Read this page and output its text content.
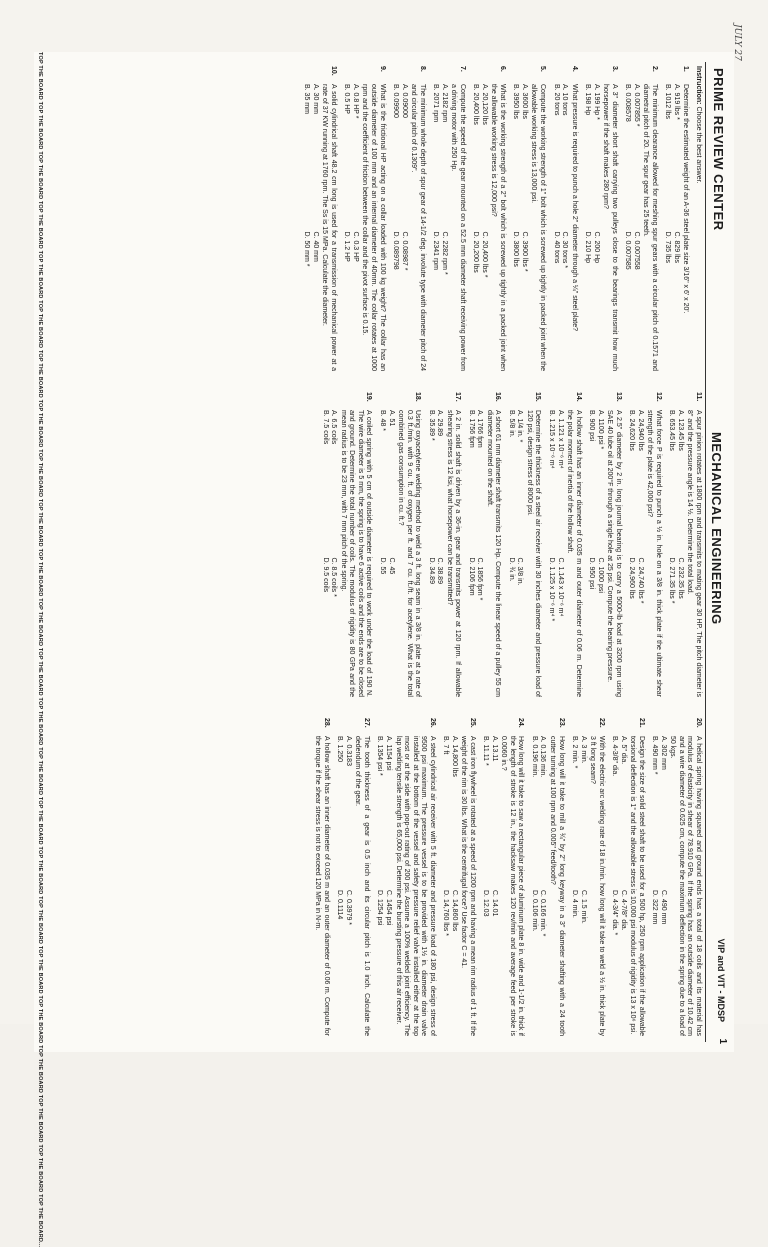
JULY 27
PRIME REVIEW CENTER
MECHANICAL ENGINEERING
VIP and VIT - MDSP
1
Instruction: Choose the best answer.
1.
Determine the estimated weight of an A-36 steel plate size 3/16" x 6' x 20'.
A. 919 lbs *
C. 829 lbs
B. 1012 lbs
D. 735 lbs
2.
The minimum clearance allowed for meshing spur gears with a circular pitch of 0.1571 and diametral pitch of 20. The spur gear has 25 teeth.
A. 0.007855 *
C. 0.007558
B. 0.008578
D. 0.007585
3.
A 3" diameter short shaft carrying two pulleys close to the bearings transmit how much horsepower if the shaft makes 280 rpm?
A. 199 Hp *
C. 200 Hp
B. 198 Hp
D. 210 Hp
4.
What pressure is required to punch a hole 2" diameter through a ¼" steel plate?
A. 10 tons
C. 30 tons *
B. 20 tons
D. 40 tons
5.
Compute the working strength of 1" bolt which is screwed up tightly in packed joint when the allowable working stress is 13,000 psi.
A. 3600 lbs
C. 3900 lbs *
B. 3950 lbs
D. 3800 lbs
6.
What is the working strength of a 2" bolt which is screwed up tightly in a packed joint when the allowable working stress is 12,000 psi?
A. 20,120 lbs
C. 20,400 lbs *
B. 20,400 lbs
D. 20,200 lbs
7.
Compute the speed of the gear mounted on a 52.5 mm diameter shaft receiving power from a driving motor with 250 Hp.
A. 2182 rpm
C. 2282 rpm *
B. 2071 rpm
D. 2341 rpm
8.
The minimum whole depth of spur gear of 14-1/2 deg. involute type with diameter pitch of 24 and circular pitch of 0.1309".
A. 0.09000
C. 0.08987 *
B. 0.09900
D. 0.089798
9.
What is the frictional HP acting on a collar loaded with 100 kg weight? The collar has an outside diameter of 100 mm and an internal diameter of 40mm. The collar rotates at 1000 rpm and the coefficient of friction between the collar and the pivot surface is 0.15.
A. 0.8 HP *
C. 0.3 HP
B. 0.5 HP
D. 1.2 HP
10.
A solid cylindrical shaft 48.2 cm long is used for a transmission of mechanical power at a rate of 37 KW running at 1760 rpm. The Ss is 15 MPa. Calculate the diameter.
A. 30 mm
C. 40 mm
B. 35 mm
D. 50 mm *
11.
A spur pinion rotates at 1800 rpm and transmits to mating gear 30 HP. The pitch diameter is 8" and the pressure angle is 14 ½. Determine the total load.
A. 123.45 lbs
C. 232.35 lbs
B. 653.45 lbs
D. 271.35 lbs *
12.
What force P is required to punch a ½ in. hole on a 3/8 in. thick plate if the ultimate shear strength of the plate is 42,000 psi?
A. 24,940 lbs
C. 24,740 lbs *
B. 24,620 lbs
D. 24,960 lbs
13.
A 2.5" diameter by 2 in. long journal bearing is to carry a 5000-lb load at 3200 rpm using SAE 40 lube oil at 200°F through a single hole at 25 psi. Compute the bearing pressure.
A. 1100 psi *
C. 1000 psi
B. 900 psi
D. 950 psi
14.
A hollow shaft has an inner diameter of 0.035 m and outer diameter of 0.06 m. Determine the polar moment of inertia of the hollow shaft.
A. 1.121 x 10⁻⁶ m⁴
C. 1.143 x 10⁻⁶ m⁴
B. 1.215 x 10⁻⁶ m⁴
D. 1.125 x 10⁻⁶ m⁴ *
15.
Determine the thickness of a steel air receiver with 30 inches diameter and pressure load of 120 psi, design stress of 8000 psi.
A. 1/4 in. *
C. 3/8 in.
B. 5/8 in.
D. ¾ in.
16.
A short 61 mm diameter shaft transmits 120 Hp. Compute the linear speed of a pulley 55 cm diameter mounted on the shaft.
A. 1766 fpm
C. 1856 fpm *
B. 1756 fpm
D. 2106 fpm
17.
A 2 in. solid shaft is driven by a 36-in. gear and transmits power at 120 rpm. If allowable shearing stress is 12 ksi, what horsepower can be transmitted?
A. 29.89
C. 38.89
B. 35.89 *
D. 34.89
18.
Using oxyacetylene welding method to weld a 3 ft. long seam in a 3/8 in. plate at a rate of 0.3 ft./min. with 9 cu. ft. of oxygen per ft. and 7 cu. ft./ft. for acetylene. What is the total combined gas consumption in cu. ft.?
A. 51
C. 45
B. 48 *
D. 55
19.
A coiled spring with 5 cm of outside diameter is required to work under the load of 190 N. The wire diameter is 5 mm, the spring is to have 6 active coils and the ends are to be closed and ground. Determine the total number of coils. The modulus of rigidity is 80 GPa and the mean radius is to be 23 mm, with 7 mm pitch of the spring.
A. 6.5 coils
C. 8.5 coils *
B. 7.5 coils
D. 9.5 coils
20.
A helical spring having squared and ground ends has a total of 18 coils and its material has modulus of elasticity in shear of 78.910 GPa. If the spring has an outside diameter of 10.42 cm and a wire diameter of 0.625 cm, compute the maximum deflection in the spring due to a load of 50 kgs.
A. 302 mm
C. 490 mm
B. 490 mm *
D. 322 mm
21.
Design the size of solid steel shaft to be used for a 500 hp, 250 rpm application if the allowable torsional deflection is 1° and the allowable stress is 10,000 psi modulus of rigidity is 13 x 10⁶ psi.
A. 5" dia.
C. 4-7/8" dia.
B. 4-3/8" dia.
D. 4-3/4" dia. *
22.
With the electric arc welding rate of 18 in./min. how long will it take to weld a ½ in. thick plate by 3 ft long seam?
A. 3 min.
C. 1.5 min.
B. 2 min. *
D. 4 min.
23.
How long will it take to mill a ¾" by 2" long keyway in a 3" diameter shafting with a 24 tooth cutter turning at 100 rpm and 0.005" feed/tooth?
A. 0.136 min.
C. 0.166 min. *
B. 0.196 min.
D. 0.106 min.
24.
How long will it take to saw a rectangular piece of aluminum plate 8 in. wide and 1-1/2 in. thick if the length of stroke is 12 in., the hacksaw makes 120 rev/min and average feed per stroke is 0.0060 in.?
A. 13.11
C. 14.01
B. 11.11 *
D. 12.03
25.
A cast iron flywheel is rotated at a speed of 1200 rpm and having a mean rim radius of 1 ft. If the weight of the rim is 30 lbs. What is the centrifugal force? Use factor C = 41.
A. 14,800 lbs
C. 14,860 lbs
B. 7 ft
D. 14,760 lbs *
26.
A steel cylindrical air receiver with 5 ft. diameter and pressure load of 180 psi, design stress of 9500 psi maximum. The pressure vessel is to be provided with 1½ in. diameter drain valve installed at the bottom of the vessel and safety pressure relief valve installed either at the top most or at the side with pop-out rating of 200 psi. Assume a 100% welded joint efficiency. The lap welding tensile strength is 65,000 psi. Determine the bursting pressure of this air receiver.
A. 1154 psi
C. 1454 psi
B. 1354 psi *
D. 1254 psi
27.
The tooth thickness of a gear is 0.5 inch and its circular pitch is 1.0 inch. Calculate the dedendum of the gear.
A. 0.3183
C. 0.3979 *
B. 1.250
D. 0.1114
28.
A hollow shaft has an inner diameter of 0.035 m and an outer diameter of 0.06 m. Compute for the torque if the shear stress is not to exceed 120 MPa in N-m.
TOP THE BOARD TOP THE BOARD TOP THE BOARD TOP THE BOARD TOP THE BOARD TOP THE BOARD TOP THE BOARD TOP THE BOARD TOP THE BOARD TOP THE BOARD TOP THE BOARD TOP THE BOARD TOP THE BOARD TOP THE BOARD TOP THE BOARD TOP THE BOARD TOP THE BOARD TOP THE BOARD TOP THE BOARD TOP THE BOARD TOP THE BOARD TOP THE BOARD TOP THE BOARD TOP THE BOARD...
